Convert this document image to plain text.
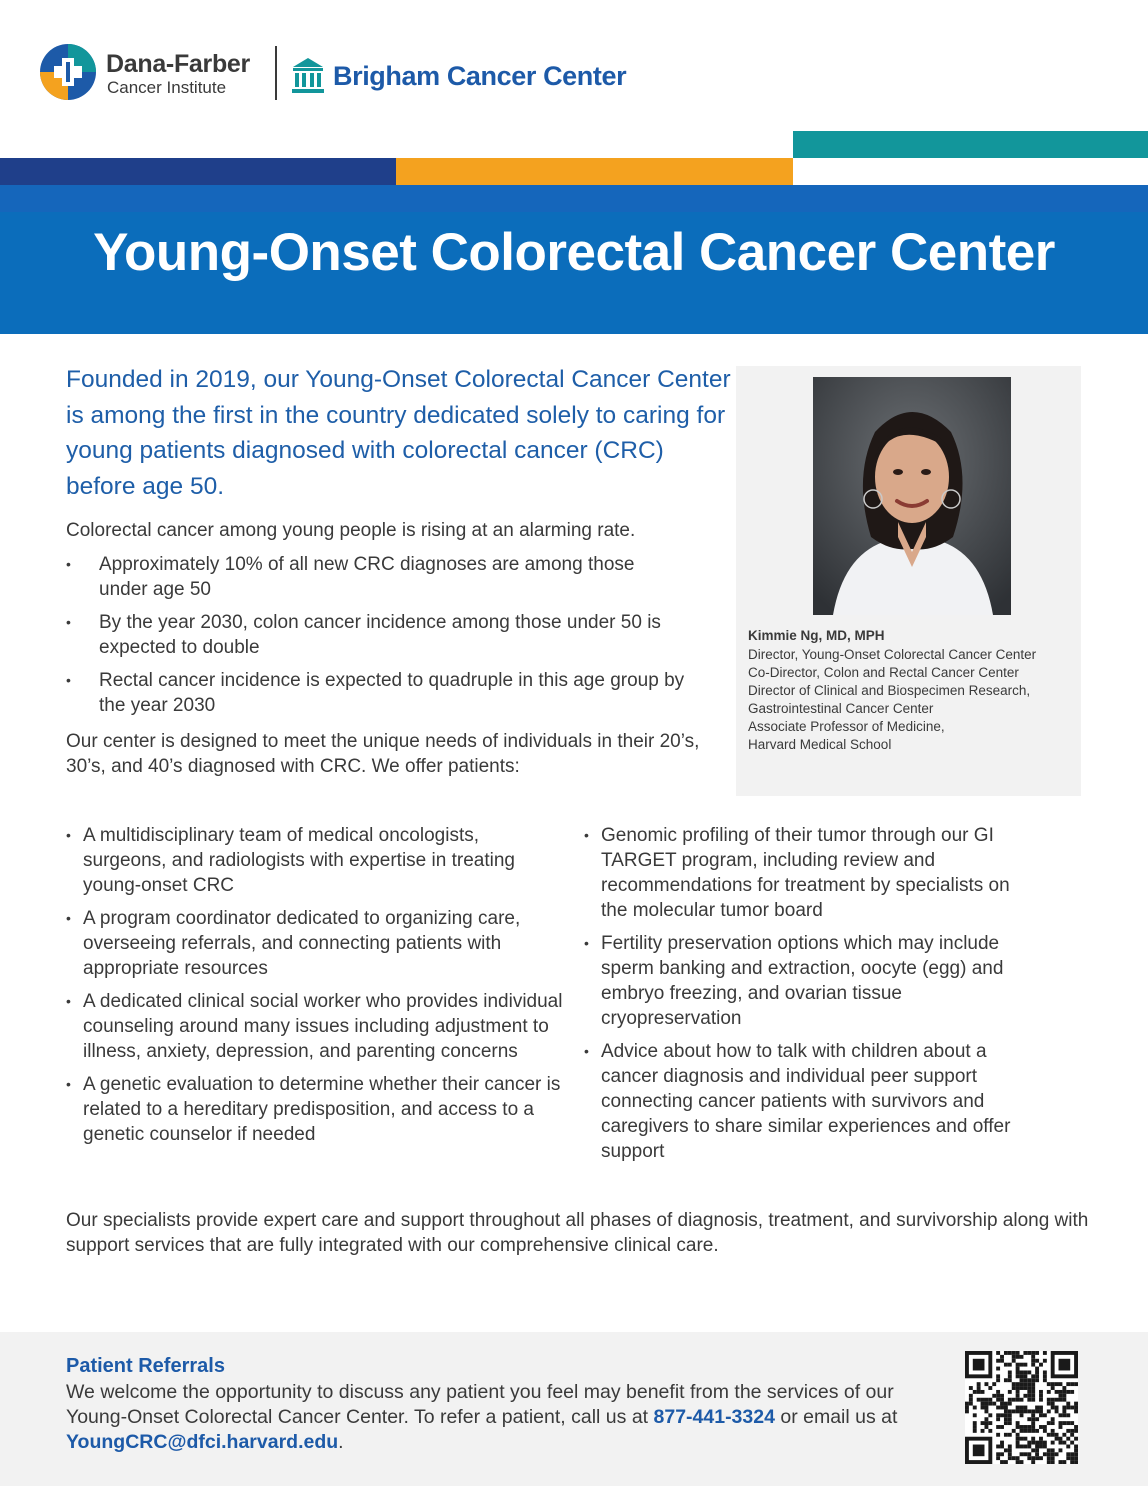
Dana-Farber
Cancer Institute	Brigham Cancer Center
Young-Onset Colorectal Cancer Center
Founded in 2019, our Young-Onset Colorectal Cancer Center is among the first in the country dedicated solely to caring for young patients diagnosed with colorectal cancer (CRC) before age 50.
Colorectal cancer among young people is rising at an alarming rate.
• Approximately 10% of all new CRC diagnoses are among those under age 50
• By the year 2030, colon cancer incidence among those under 50 is expected to double
• Rectal cancer incidence is expected to quadruple in this age group by the year 2030
Our center is designed to meet the unique needs of individuals in their 20’s, 30’s, and 40’s diagnosed with CRC. We offer patients:
Kimmie Ng, MD, MPH
Director, Young-Onset Colorectal Cancer Center
Co-Director, Colon and Rectal Cancer Center
Director of Clinical and Biospecimen Research,
Gastrointestinal Cancer Center
Associate Professor of Medicine,
Harvard Medical School
• A multidisciplinary team of medical oncologists, surgeons, and radiologists with expertise in treating young-onset CRC
• A program coordinator dedicated to organizing care, overseeing referrals, and connecting patients with appropriate resources
• A dedicated clinical social worker who provides individual counseling around many issues including adjustment to illness, anxiety, depression, and parenting concerns
• A genetic evaluation to determine whether their cancer is related to a hereditary predisposition, and access to a genetic counselor if needed
• Genomic profiling of their tumor through our GI TARGET program, including review and recommendations for treatment by specialists on the molecular tumor board
• Fertility preservation options which may include sperm banking and extraction, oocyte (egg) and embryo freezing, and ovarian tissue cryopreservation
• Advice about how to talk with children about a cancer diagnosis and individual peer support connecting cancer patients with survivors and caregivers to share similar experiences and offer support
Our specialists provide expert care and support throughout all phases of diagnosis, treatment, and survivorship along with support services that are fully integrated with our comprehensive clinical care.
Patient Referrals
We welcome the opportunity to discuss any patient you feel may benefit from the services of our Young-Onset Colorectal Cancer Center. To refer a patient, call us at 877-441-3324 or email us at YoungCRC@dfci.harvard.edu.
